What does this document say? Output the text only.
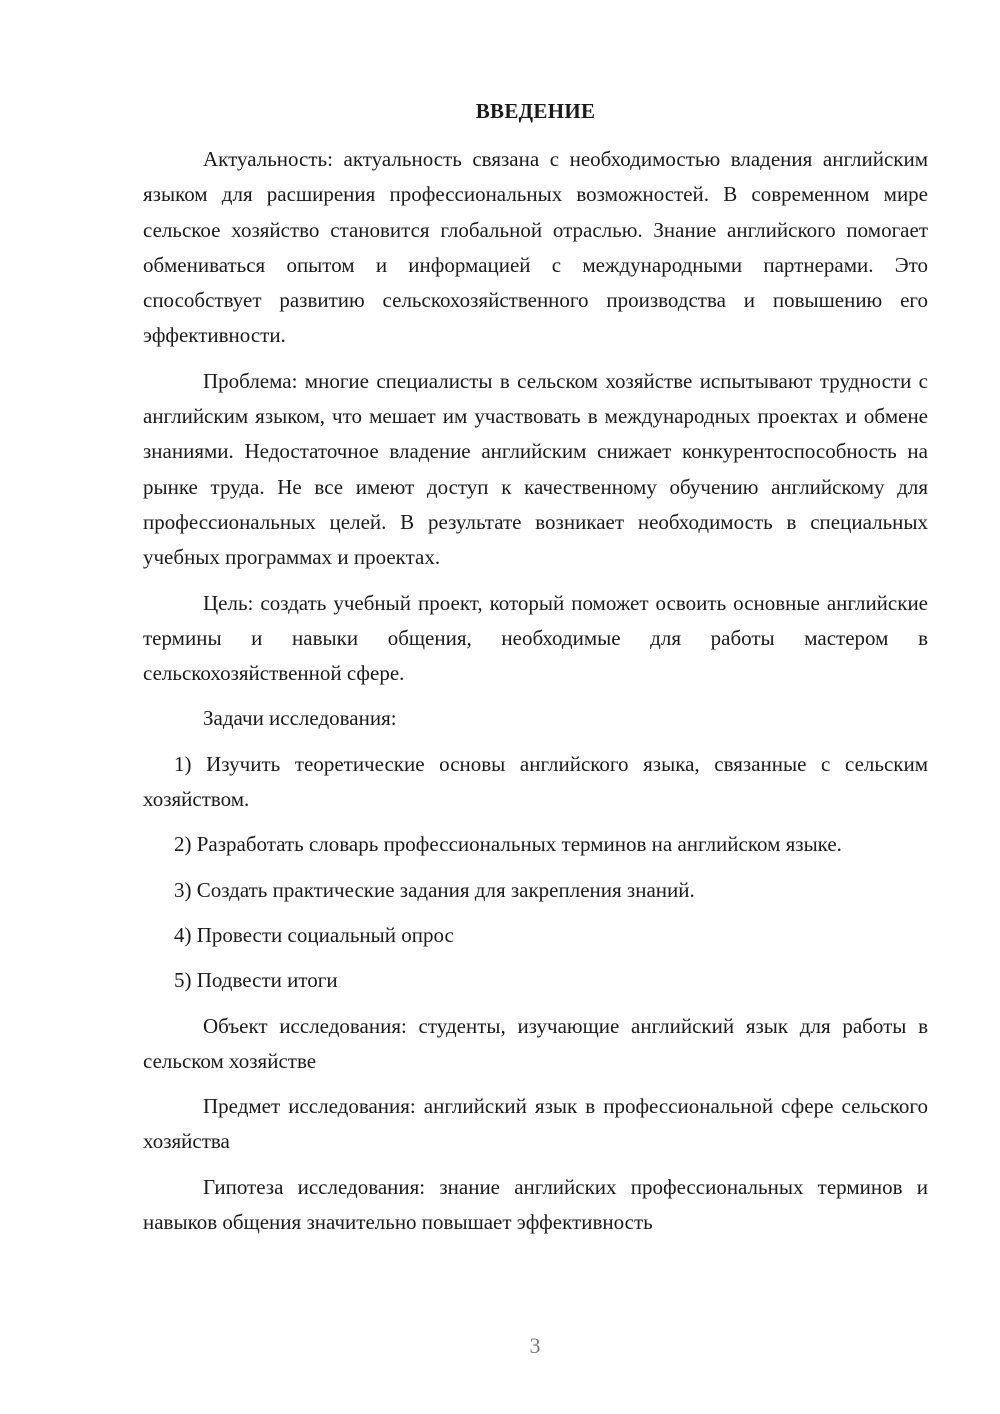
ВВЕДЕНИЕ

Актуальность: актуальность связана с необходимостью владения английским языком для расширения профессиональных возможностей. В современном мире сельское хозяйство становится глобальной отраслью. Знание английского помогает обмениваться опытом и информацией с международными партнерами. Это способствует развитию сельскохозяйственного производства и повышению его эффективности.

Проблема: многие специалисты в сельском хозяйстве испытывают трудности с английским языком, что мешает им участвовать в международных проектах и обмене знаниями. Недостаточное владение английским снижает конкурентоспособность на рынке труда. Не все имеют доступ к качественному обучению английскому для профессиональных целей. В результате возникает необходимость в специальных учебных программах и проектах.

Цель: создать учебный проект, который поможет освоить основные английские термины и навыки общения, необходимые для работы мастером в сельскохозяйственной сфере.

Задачи исследования:

1) Изучить теоретические основы английского языка, связанные с сельским хозяйством.

2) Разработать словарь профессиональных терминов на английском языке.

3) Создать практические задания для закрепления знаний.

4) Провести социальный опрос

5) Подвести итоги

Объект исследования: студенты, изучающие английский язык для работы в сельском хозяйстве

Предмет исследования: английский язык в профессиональной сфере сельского хозяйства

Гипотеза исследования: знание английских профессиональных терминов и навыков общения значительно повышает эффективность

3
